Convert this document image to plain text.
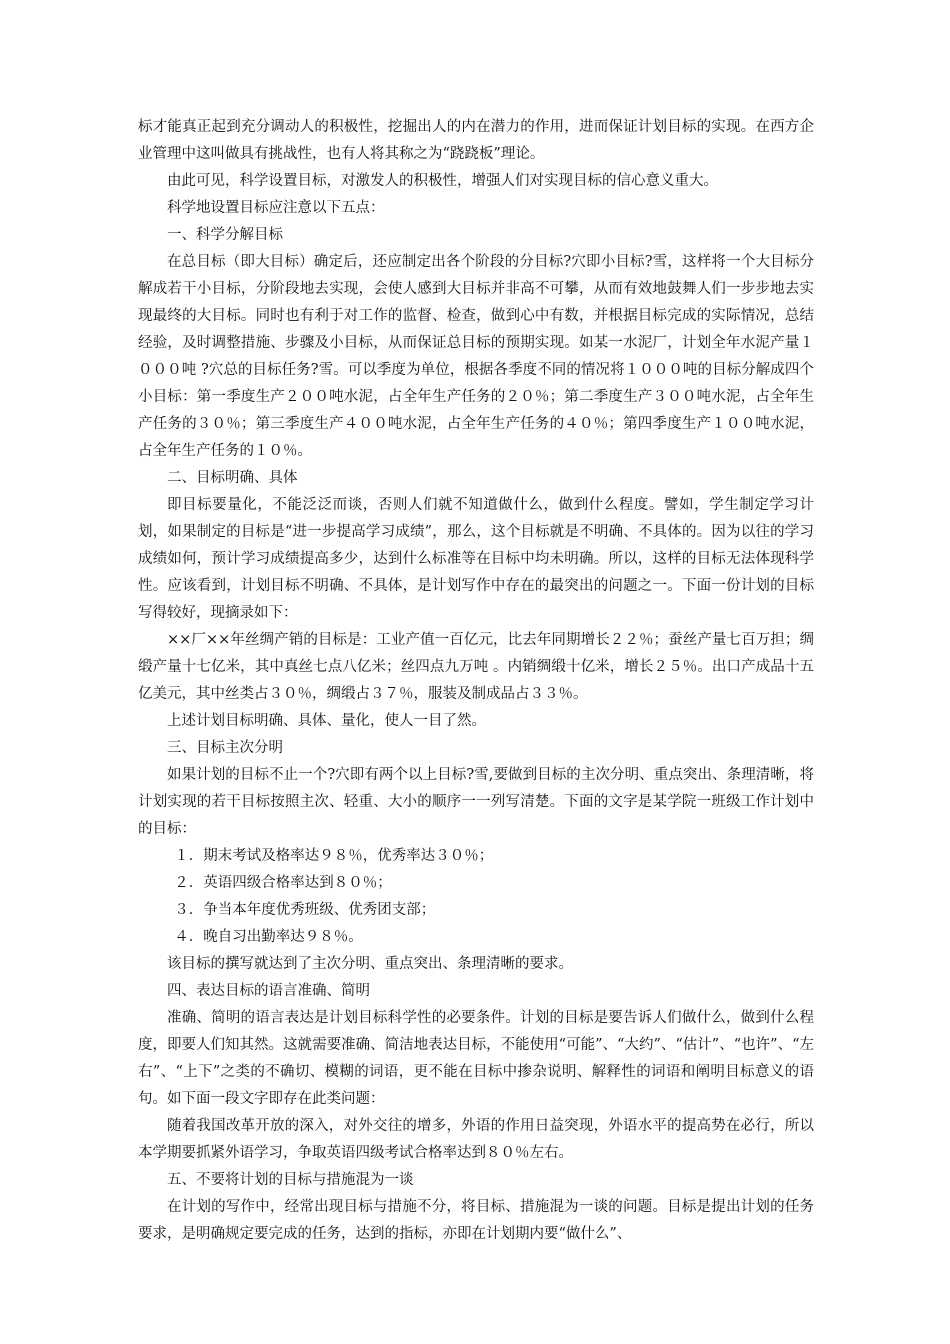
标才能真正起到充分调动人的积极性，挖掘出人的内在潜力的作用，进而保证计划目标的实现。在西方企业管理中这叫做具有挑战性，也有人将其称之为“跷跷板”理论。
由此可见，科学设置目标，对激发人的积极性，增强人们对实现目标的信心意义重大。
科学地设置目标应注意以下五点：
一、科学分解目标
在总目标（即大目标）确定后，还应制定出各个阶段的分目标?穴即小目标?雪，这样将一个大目标分解成若干小目标，分阶段地去实现，会使人感到大目标并非高不可攀，从而有效地鼓舞人们一步步地去实现最终的大目标。同时也有利于对工作的监督、检查，做到心中有数，并根据目标完成的实际情况，总结经验，及时调整措施、步骤及小目标，从而保证总目标的预期实现。如某一水泥厂，计划全年水泥产量１０００吨 ?穴总的目标任务?雪。可以季度为单位，根据各季度不同的情况将１０００吨的目标分解成四个小目标：第一季度生产２００吨水泥，占全年生产任务的２０％；第二季度生产３００吨水泥，占全年生产任务的３０％；第三季度生产４００吨水泥，占全年生产任务的４０％；第四季度生产１００吨水泥，占全年生产任务的１０％。
二、目标明确、具体
即目标要量化，不能泛泛而谈，否则人们就不知道做什么，做到什么程度。譬如，学生制定学习计划，如果制定的目标是“进一步提高学习成绩”，那么，这个目标就是不明确、不具体的。因为以往的学习成绩如何，预计学习成绩提高多少，达到什么标准等在目标中均未明确。所以，这样的目标无法体现科学性。应该看到，计划目标不明确、不具体，是计划写作中存在的最突出的问题之一。下面一份计划的目标写得较好，现摘录如下：
××厂××年丝绸产销的目标是：工业产值一百亿元，比去年同期增长２２％；蚕丝产量七百万担；绸缎产量十七亿米，其中真丝七点八亿米；丝四点九万吨 。内销绸缎十亿米，增长２５％。出口产成品十五亿美元，其中丝类占３０％，绸缎占３７％，服装及制成品占３３％。
上述计划目标明确、具体、量化，使人一目了然。
三、目标主次分明
如果计划的目标不止一个?穴即有两个以上目标?雪,要做到目标的主次分明、重点突出、条理清晰，将计划实现的若干目标按照主次、轻重、大小的顺序一一列写清楚。下面的文字是某学院一班级工作计划中的目标：
１．期末考试及格率达９８％，优秀率达３０％；
２．英语四级合格率达到８０％；
３．争当本年度优秀班级、优秀团支部；
４．晚自习出勤率达９８％。
该目标的撰写就达到了主次分明、重点突出、条理清晰的要求。
四、表达目标的语言准确、简明
准确、简明的语言表达是计划目标科学性的必要条件。计划的目标是要告诉人们做什么，做到什么程度，即要人们知其然。这就需要准确、简洁地表达目标，不能使用“可能”、“大约”、“估计”、“也许”、“左右”、“上下”之类的不确切、模糊的词语，更不能在目标中掺杂说明、解释性的词语和阐明目标意义的语句。如下面一段文字即存在此类问题：
随着我国改革开放的深入，对外交往的增多，外语的作用日益突现，外语水平的提高势在必行，所以本学期要抓紧外语学习，争取英语四级考试合格率达到８０％左右。
五、不要将计划的目标与措施混为一谈
在计划的写作中，经常出现目标与措施不分，将目标、措施混为一谈的问题。目标是提出计划的任务要求，是明确规定要完成的任务，达到的指标，亦即在计划期内要“做什么”、
